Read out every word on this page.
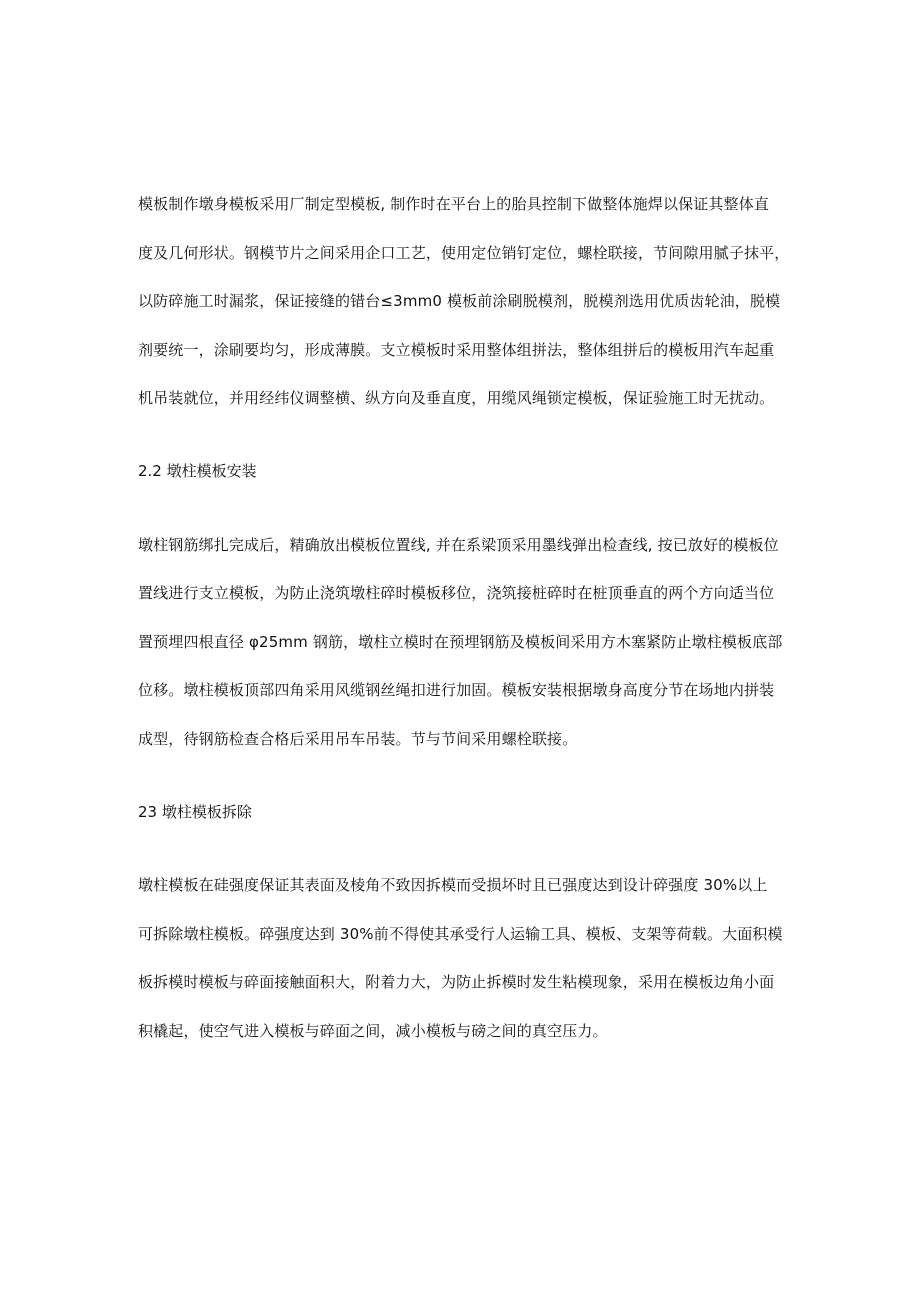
模板制作墩身模板采用厂制定型模板, 制作时在平台上的胎具控制下做整体施焊以保证其整体直
度及几何形状。钢模节片之间采用企口工艺，使用定位销钉定位，螺栓联接，节间隙用腻子抹平，
以防碎施工时漏浆，保证接缝的错台≤3mm0 模板前涂刷脱模剂，脱模剂选用优质齿轮油，脱模
剂要统一，涂刷要均匀，形成薄膜。支立模板时采用整体组拼法，整体组拼后的模板用汽车起重
机吊装就位，并用经纬仪调整横、纵方向及垂直度，用缆风绳锁定模板，保证验施工时无扰动。
2.2 墩柱模板安装
墩柱钢筋绑扎完成后，精确放出模板位置线, 并在系梁顶采用墨线弹出检查线, 按已放好的模板位
置线进行支立模板，为防止浇筑墩柱碎时模板移位，浇筑接桩碎时在桩顶垂直的两个方向适当位
置预埋四根直径 φ25mm 钢筋，墩柱立模时在预埋钢筋及模板间采用方木塞紧防止墩柱模板底部
位移。墩柱模板顶部四角采用风缆钢丝绳扣进行加固。模板安装根据墩身高度分节在场地内拼装
成型，待钢筋检查合格后采用吊车吊装。节与节间采用螺栓联接。
23 墩柱模板拆除
墩柱模板在硅强度保证其表面及棱角不致因拆模而受损坏时且已强度达到设计碎强度 30%以上
可拆除墩柱模板。碎强度达到 30%前不得使其承受行人运输工具、模板、支架等荷载。大面积模
板拆模时模板与碎面接触面积大，附着力大，为防止拆模时发生粘模现象，采用在模板边角小面
积橇起，使空气进入模板与碎面之间，减小模板与磅之间的真空压力。
